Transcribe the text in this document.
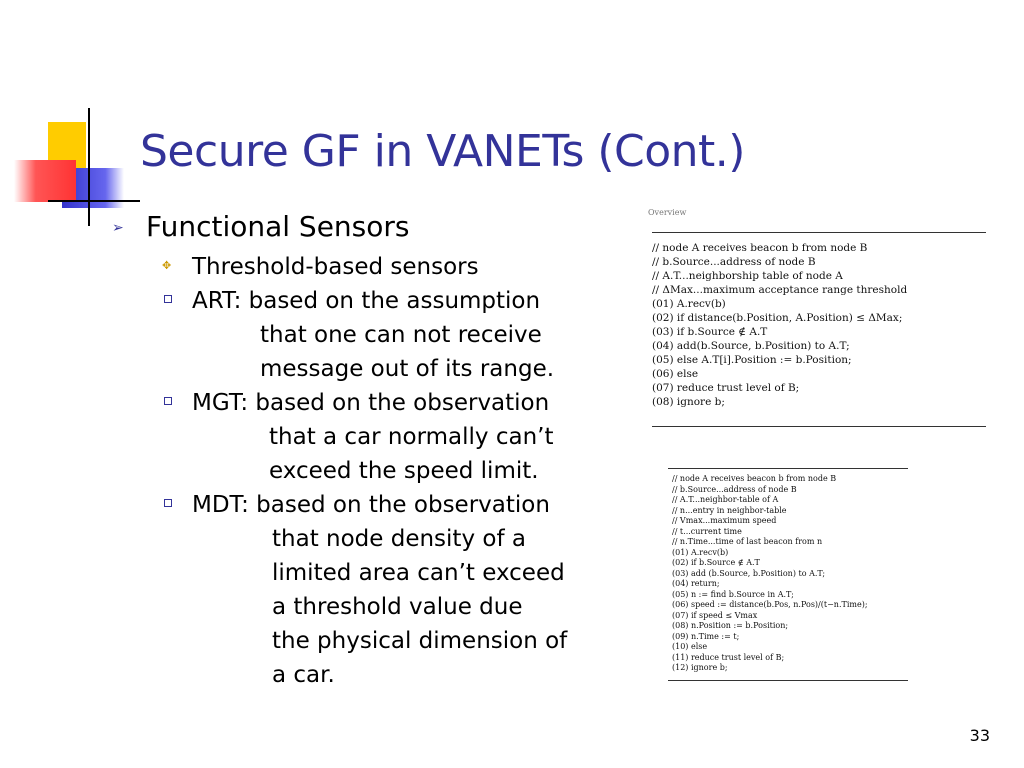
Secure GF in VANETs (Cont.)
➢ Functional Sensors
✥ Threshold-based sensors
ART: based on the assumption
that one can not receive
message out of its range.
MGT: based on the observation
that a car normally can’t
exceed the speed limit.
MDT: based on the observation
that node density of a
limited area can’t exceed
a threshold value due
the physical dimension of
a car.
Overview
// node A receives beacon b from node B
// b.Source...address of node B
// A.T...neighborship table of node A
// ΔMax...maximum acceptance range threshold
(01) A.recv(b)
(02) if distance(b.Position, A.Position) ≤ ΔMax;
(03) if b.Source ∉ A.T
(04) add(b.Source, b.Position) to A.T;
(05) else A.T[i].Position := b.Position;
(06) else
(07) reduce trust level of B;
(08) ignore b;
// node A receives beacon b from node B
// b.Source...address of node B
// A.T...neighbor-table of A
// n...entry in neighbor-table
// Vmax...maximum speed
// t...current time
// n.Time...time of last beacon from n
(01) A.recv(b)
(02) if b.Source ∉ A.T
(03) add (b.Source, b.Position) to A.T;
(04) return;
(05) n := find b.Source in A.T;
(06) speed := distance(b.Pos, n.Pos)/(t−n.Time);
(07) if speed ≤ Vmax
(08) n.Position := b.Position;
(09) n.Time := t;
(10) else
(11) reduce trust level of B;
(12) ignore b;
33
